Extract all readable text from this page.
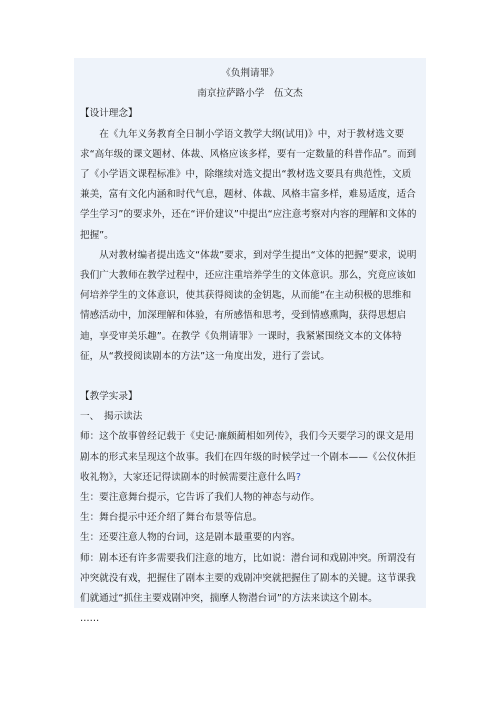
《负荆请罪》

南京拉萨路小学　伍文杰

【设计理念】

在《九年义务教育全日制小学语文教学大纲(试用)》中，对于教材选文要求“高年级的课文题材、体裁、风格应该多样，要有一定数量的科普作品”。而到了《小学语文课程标准》中，除继续对选文提出“教材选文要具有典范性，文质兼美，富有文化内涵和时代气息，题材、体裁、风格丰富多样，难易适度，适合学生学习”的要求外，还在“评价建议”中提出“应注意考察对内容的理解和文体的把握”。

从对教材编者提出选文“体裁”要求，到对学生提出“文体的把握”要求，说明我们广大教师在教学过程中，还应注重培养学生的文体意识。那么，究竟应该如何培养学生的文体意识，使其获得阅读的金钥匙，从而能“在主动积极的思维和情感活动中，加深理解和体验，有所感悟和思考，受到情感熏陶，获得思想启迪，享受审美乐趣”。在教学《负荆请罪》一课时，我紧紧围绕文本的文体特征，从“教授阅读剧本的方法”这一角度出发，进行了尝试。

【教学实录】

一、　揭示读法

师：这个故事曾经记载于《史记·廉颇蔺相如列传》，我们今天要学习的课文是用剧本的形式来呈现这个故事。我们在四年级的时候学过一个剧本——《公仪休拒收礼物》，大家还记得读剧本的时候需要注意什么吗?

生：要注意舞台提示，它告诉了我们人物的神态与动作。

生：舞台提示中还介绍了舞台布景等信息。

生：还要注意人物的台词，这是剧本最重要的内容。

师：剧本还有许多需要我们注意的地方，比如说：潜台词和戏剧冲突。所谓没有冲突就没有戏，把握住了剧本主要的戏剧冲突就把握住了剧本的关键。这节课我们就通过“抓住主要戏剧冲突，揣摩人物潜台词”的方法来读这个剧本。

……
